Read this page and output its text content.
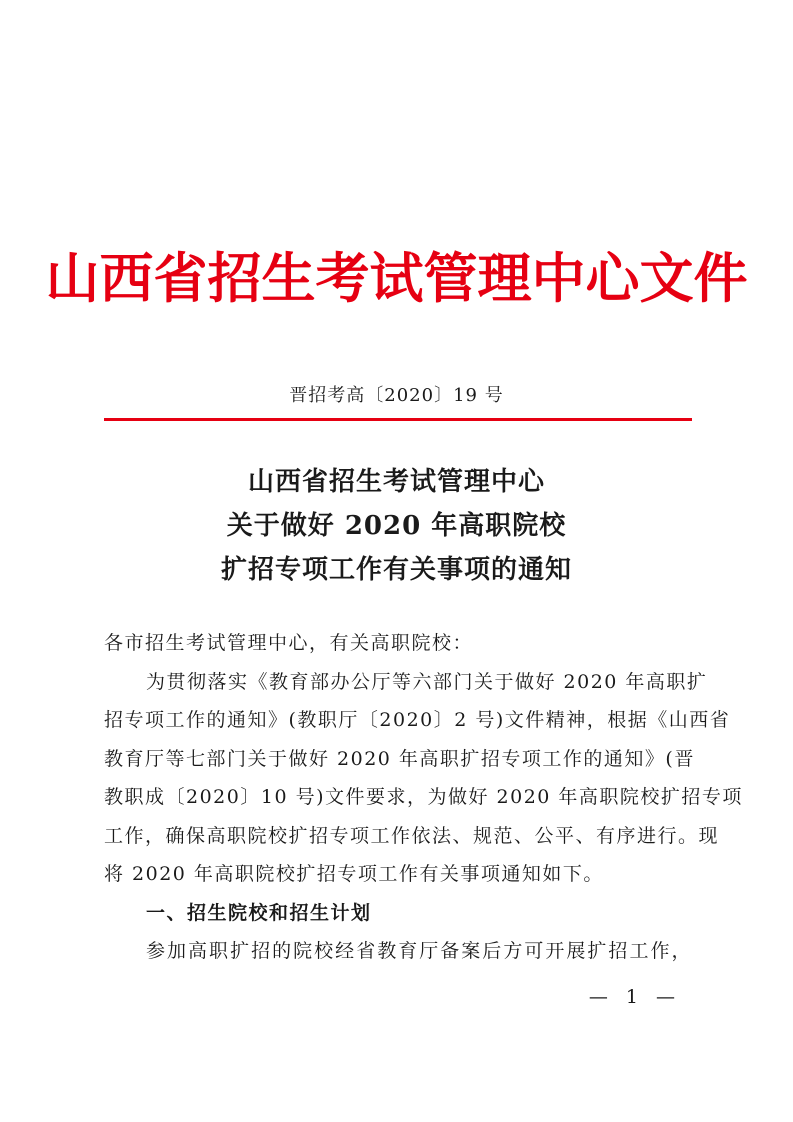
山西省招生考试管理中心文件
晋招考高〔2020〕19 号
山西省招生考试管理中心
关于做好 2020 年高职院校
扩招专项工作有关事项的通知
各市招生考试管理中心，有关高职院校：
为贯彻落实《教育部办公厅等六部门关于做好 2020 年高职扩
招专项工作的通知》(教职厅〔2020〕2 号)文件精神，根据《山西省
教育厅等七部门关于做好 2020 年高职扩招专项工作的通知》(晋
教职成〔2020〕10 号)文件要求，为做好 2020 年高职院校扩招专项
工作，确保高职院校扩招专项工作依法、规范、公平、有序进行。现
将 2020 年高职院校扩招专项工作有关事项通知如下。
一、招生院校和招生计划
参加高职扩招的院校经省教育厅备案后方可开展扩招工作，
— 1 —
